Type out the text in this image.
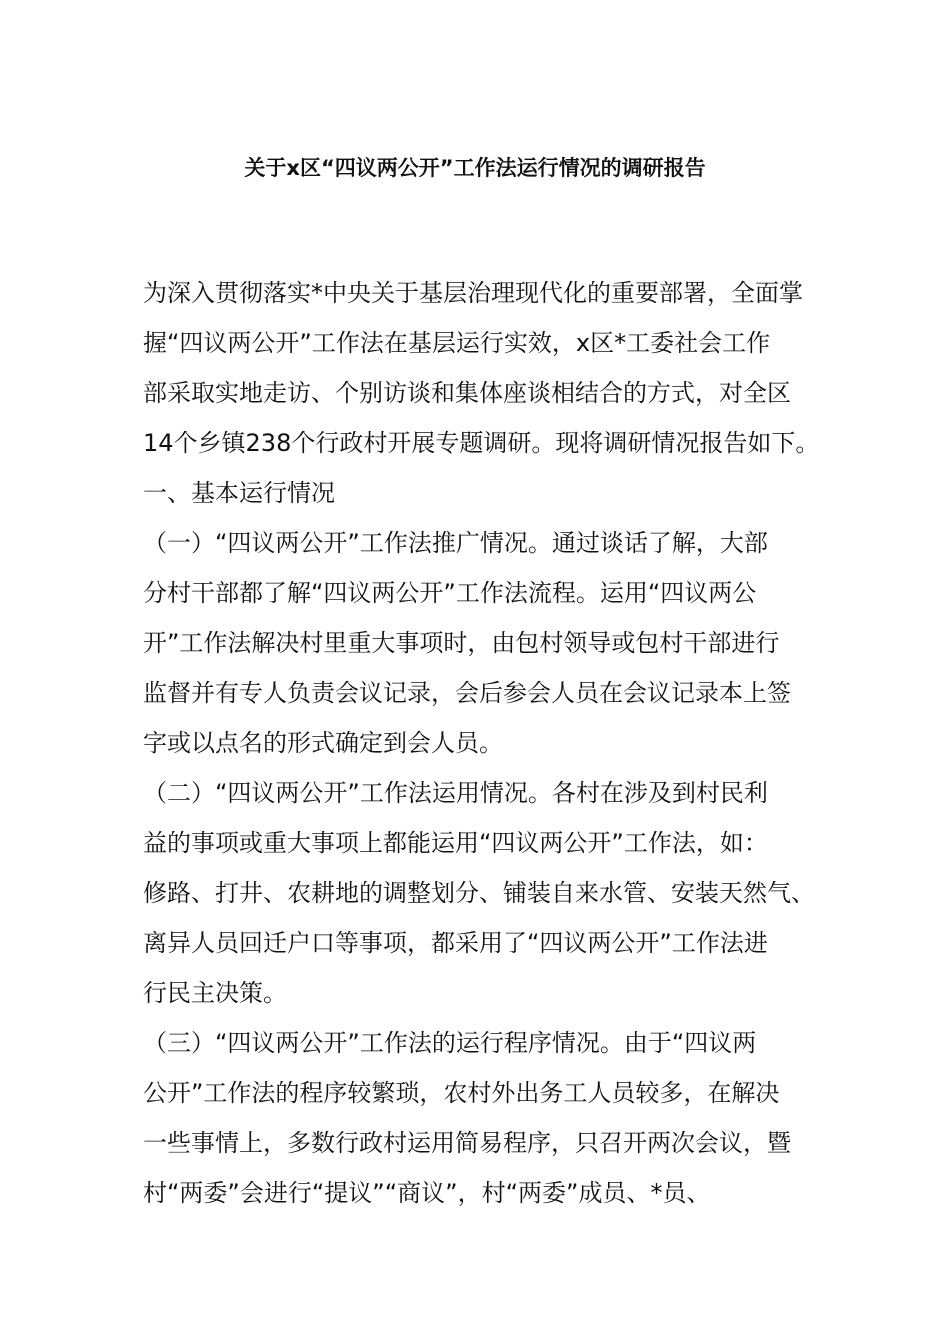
关于x区“四议两公开”工作法运行情况的调研报告
为深入贯彻落实*中央关于基层治理现代化的重要部署，全面掌
握“四议两公开”工作法在基层运行实效，x区*工委社会工作
部采取实地走访、个别访谈和集体座谈相结合的方式，对全区
14个乡镇238个行政村开展专题调研。现将调研情况报告如下。
一、基本运行情况
（一）“四议两公开”工作法推广情况。通过谈话了解，大部
分村干部都了解“四议两公开”工作法流程。运用“四议两公
开”工作法解决村里重大事项时，由包村领导或包村干部进行
监督并有专人负责会议记录，会后参会人员在会议记录本上签
字或以点名的形式确定到会人员。
（二）“四议两公开”工作法运用情况。各村在涉及到村民利
益的事项或重大事项上都能运用“四议两公开”工作法，如：
修路、打井、农耕地的调整划分、铺装自来水管、安装天然气、
离异人员回迁户口等事项，都采用了“四议两公开”工作法进
行民主决策。
（三）“四议两公开”工作法的运行程序情况。由于“四议两
公开”工作法的程序较繁琐，农村外出务工人员较多，在解决
一些事情上，多数行政村运用简易程序，只召开两次会议，暨
村“两委”会进行“提议”“商议”，村“两委”成员、*员、
